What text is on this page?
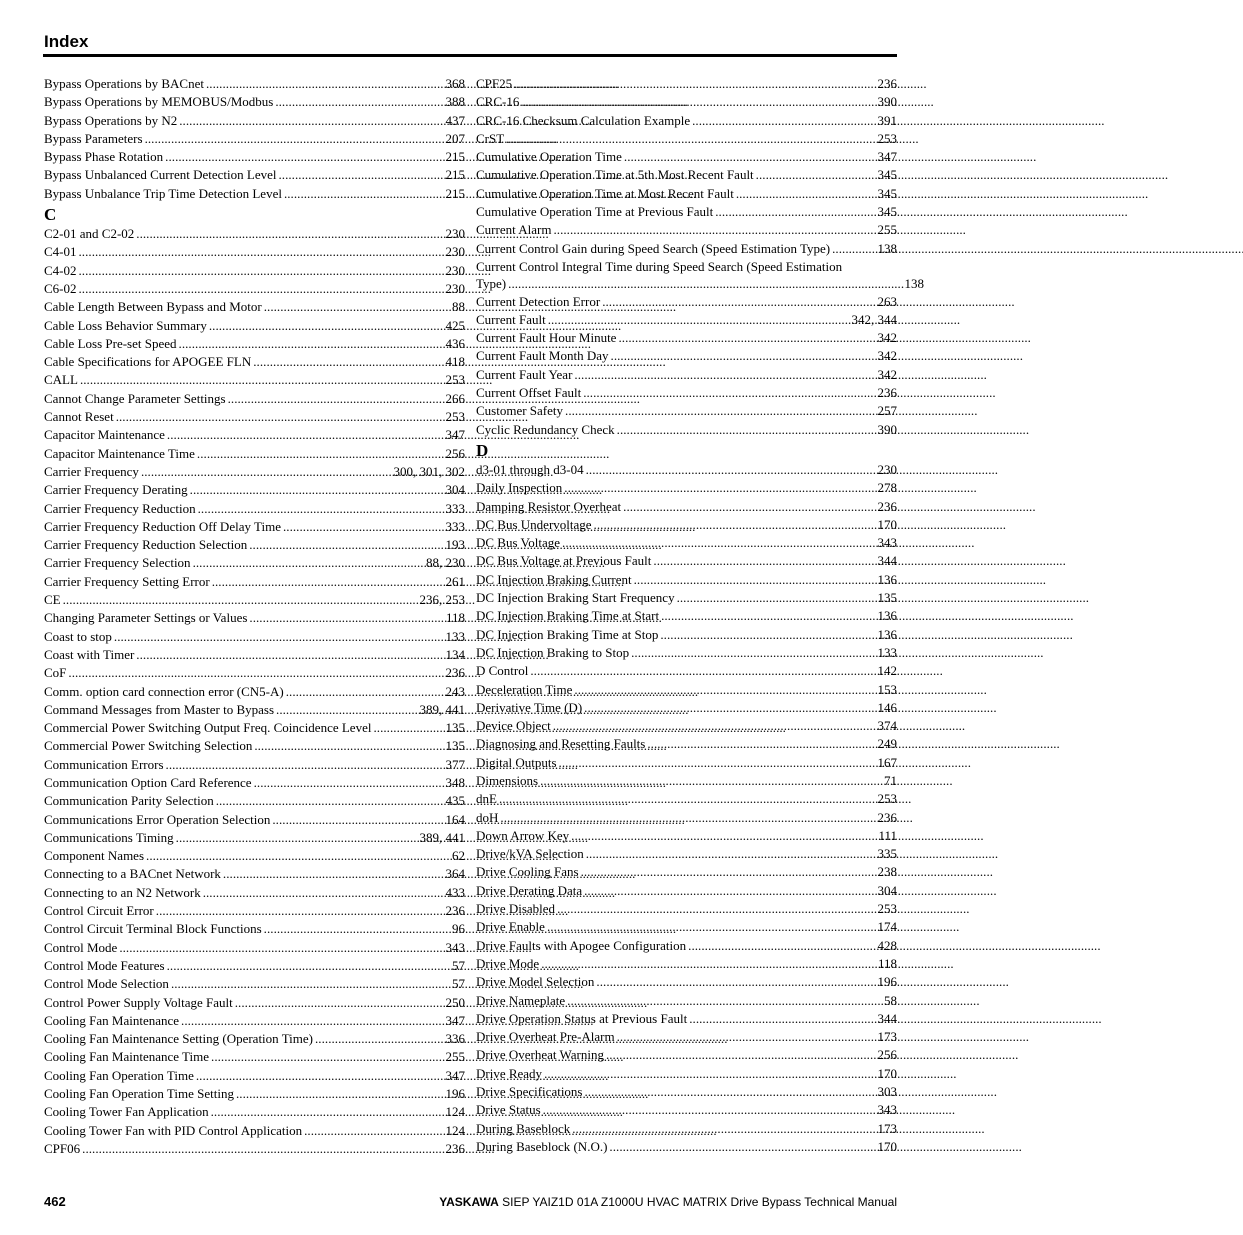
Index
Bypass Operations by BACnet . . .	368
Bypass Operations by MEMOBUS/Modbus . . .	388
Bypass Operations by N2 . . .	437
Bypass Parameters . . .	207
Bypass Phase Rotation . . .	215
Bypass Unbalanced Current Detection Level . . .	215
Bypass Unbalance Trip Time Detection Level . . .	215
C
C2-01 and C2-02 . . .	230
C4-01 . . .	230
C4-02 . . .	230
C6-02 . . .	230
Cable Length Between Bypass and Motor . . .	88
Cable Loss Behavior Summary . . .	425
Cable Loss Pre-set Speed . . .	436
Cable Specifications for APOGEE FLN . . .	418
CALL . . .	253
Cannot Change Parameter Settings . . .	266
Cannot Reset . . .	253
Capacitor Maintenance . . .	347
Capacitor Maintenance Time . . .	256
Carrier Frequency . . .	300, 301, 302
Carrier Frequency Derating . . .	304
Carrier Frequency Reduction . . .	333
Carrier Frequency Reduction Off Delay Time . . .	333
Carrier Frequency Reduction Selection . . .	193
Carrier Frequency Selection . . .	88, 230
Carrier Frequency Setting Error . . .	261
CE . . .	236, 253
Changing Parameter Settings or Values . . .	118
Coast to stop . . .	133
Coast with Timer . . .	134
CoF . . .	236
Comm. option card connection error (CN5-A) . . .	243
Command Messages from Master to Bypass . . .	389, 441
Commercial Power Switching Output Freq. Coincidence Level . . .	135
Commercial Power Switching Selection . . .	135
Communication Errors . . .	377
Communication Option Card Reference . . .	348
Communication Parity Selection . . .	435
Communications Error Operation Selection . . .	164
Communications Timing . . .	389, 441
Component Names . . .	62
Connecting to a BACnet Network . . .	364
Connecting to an N2 Network . . .	433
Control Circuit Error . . .	236
Control Circuit Terminal Block Functions . . .	96
Control Mode . . .	343
Control Mode Features . . .	57
Control Mode Selection . . .	57
Control Power Supply Voltage Fault . . .	250
Cooling Fan Maintenance . . .	347
Cooling Fan Maintenance Setting (Operation Time) . . .	336
Cooling Fan Maintenance Time . . .	255
Cooling Fan Operation Time . . .	347
Cooling Fan Operation Time Setting . . .	196
Cooling Tower Fan Application . . .	124
Cooling Tower Fan with PID Control Application . . .	124
CPF06 . . .	236
CPF25 . . .	236
CRC-16 . . .	390
CRC-16 Checksum Calculation Example . . .	391
CrST . . .	253
Cumulative Operation Time . . .	347
Cumulative Operation Time at 5th Most Recent Fault . . .	345
Cumulative Operation Time at Most Recent Fault . . .	345
Cumulative Operation Time at Previous Fault . . .	345
Current Alarm . . .	255
Current Control Gain during Speed Search (Speed Estimation Type) . . .	138
Current Control Integral Time during Speed Search (Speed Estimation
Type) . . .	138
Current Detection Error . . .	263
Current Fault . . .	342, 344
Current Fault Hour Minute . . .	342
Current Fault Month Day . . .	342
Current Fault Year . . .	342
Current Offset Fault . . .	236
Customer Safety . . .	257
Cyclic Redundancy Check . . .	390
D
d3-01 through d3-04 . . .	230
Daily Inspection . . .	278
Damping Resistor Overheat . . .	236
DC Bus Undervoltage . . .	170
DC Bus Voltage . . .	343
DC Bus Voltage at Previous Fault . . .	344
DC Injection Braking Current . . .	136
DC Injection Braking Start Frequency . . .	135
DC Injection Braking Time at Start . . .	136
DC Injection Braking Time at Stop . . .	136
DC Injection Braking to Stop . . .	133
D Control . . .	142
Deceleration Time . . .	153
Derivative Time (D) . . .	146
Device Object . . .	374
Diagnosing and Resetting Faults . . .	249
Digital Outputs . . .	167
Dimensions . . .	71
dnE . . .	253
doH . . .	236
Down Arrow Key . . .	111
Drive/kVA Selection . . .	335
Drive Cooling Fans . . .	238
Drive Derating Data . . .	304
Drive Disabled . . .	253
Drive Enable . . .	174
Drive Faults with Apogee Configuration . . .	428
Drive Mode . . .	118
Drive Model Selection . . .	196
Drive Nameplate . . .	58
Drive Operation Status at Previous Fault . . .	344
Drive Overheat Pre-Alarm . . .	173
Drive Overheat Warning . . .	256
Drive Ready . . .	170
Drive Specifications . . .	303
Drive Status . . .	343
During Baseblock . . .	173
During Baseblock (N.O.) . . .	170
462	YASKAWA SIEP YAIZ1D 01A Z1000U HVAC MATRIX Drive Bypass Technical Manual
